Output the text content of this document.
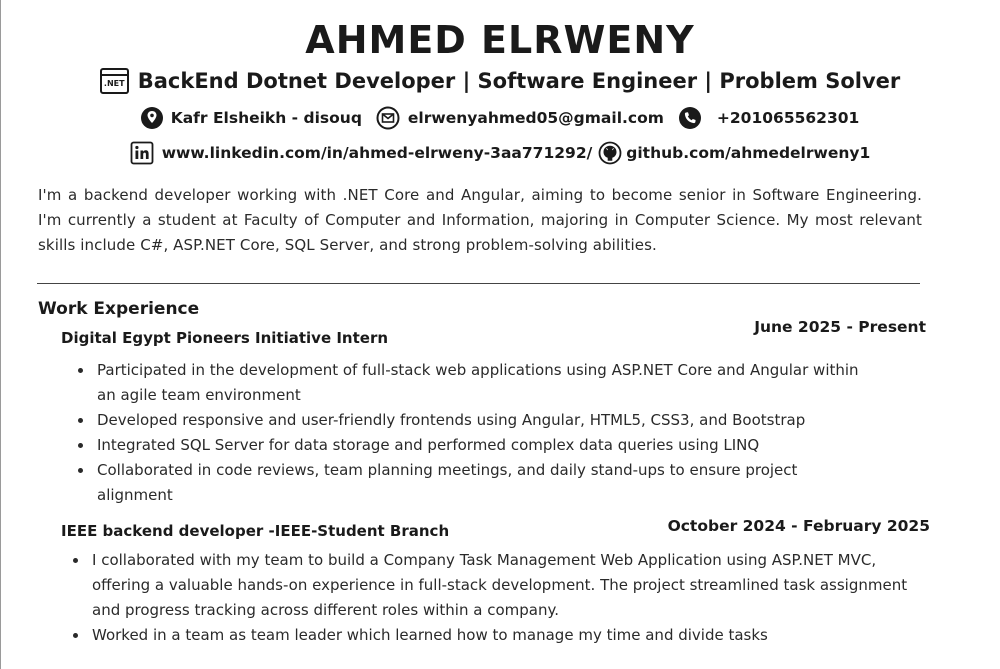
AHMED ELRWENY
.NET BackEnd Dotnet Developer | Software Engineer | Problem Solver
Kafr Elsheikh - disouq	elrwenyahmed05@gmail.com	+201065562301
www.linkedin.com/in/ahmed-elrweny-3aa771292/ github.com/ahmedelrweny1
I'm a backend developer working with .NET Core and Angular, aiming to become senior in Software Engineering. I'm currently a student at Faculty of Computer and Information, majoring in Computer Science. My most relevant skills include C#, ASP.NET Core, SQL Server, and strong problem-solving abilities.
Work Experience
Digital Egypt Pioneers Initiative Intern
June 2025 - Present
Participated in the development of full-stack web applications using ASP.NET Core and Angular within an agile team environment
Developed responsive and user-friendly frontends using Angular, HTML5, CSS3, and Bootstrap
Integrated SQL Server for data storage and performed complex data queries using LINQ
Collaborated in code reviews, team planning meetings, and daily stand-ups to ensure project alignment
IEEE backend developer -IEEE-Student Branch	October 2024 - February 2025
I collaborated with my team to build a Company Task Management Web Application using ASP.NET MVC, offering a valuable hands-on experience in full-stack development. The project streamlined task assignment and progress tracking across different roles within a company.
Worked in a team as team leader which learned how to manage my time and divide tasks
